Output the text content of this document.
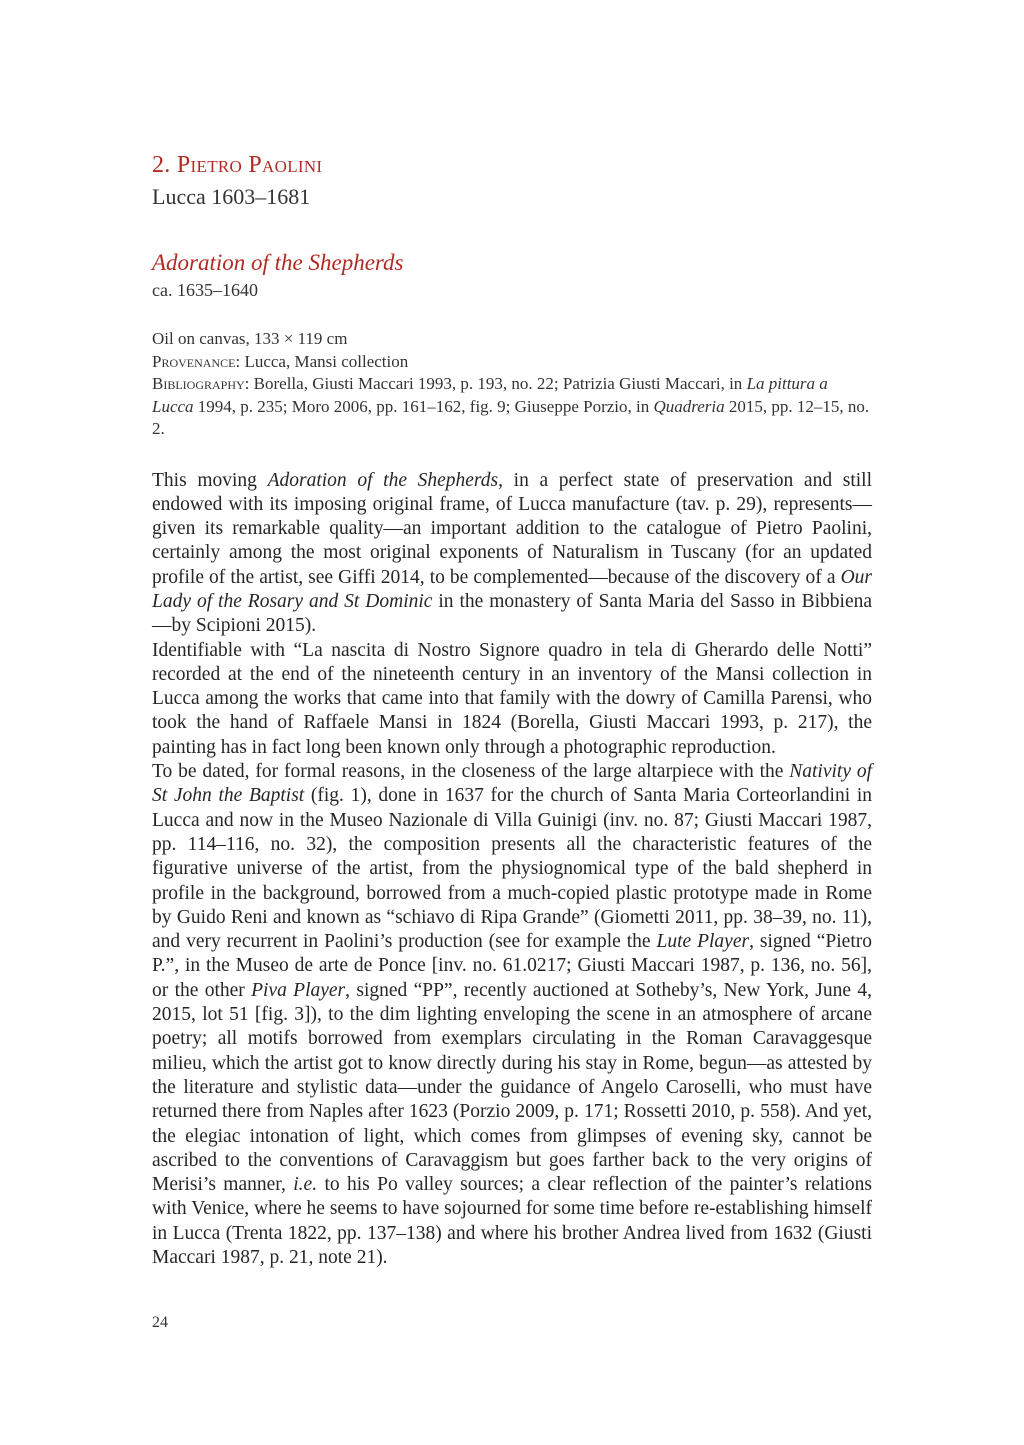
2. Pietro Paolini
Lucca 1603–1681
Adoration of the Shepherds
ca. 1635–1640

Oil on canvas, 133 × 119 cm

Provenance: Lucca, Mansi collection

Bibliography: Borella, Giusti Maccari 1993, p. 193, no. 22; Patrizia Giusti Maccari, in La pittura a Lucca 1994, p. 235; Moro 2006, pp. 161–162, fig. 9; Giuseppe Porzio, in Quadreria 2015, pp. 12–15, no. 2.

This moving Adoration of the Shepherds, in a perfect state of preservation and still endowed with its imposing original frame, of Lucca manufacture (tav. p. 29), represents—given its remarkable quality—an important addition to the catalogue of Pietro Paolini, certainly among the most original exponents of Naturalism in Tuscany (for an updated profile of the artist, see Giffi 2014, to be complemented—because of the discovery of a Our Lady of the Rosary and St Dominic in the monastery of Santa Maria del Sasso in Bibbiena—by Scipioni 2015).

Identifiable with “La nascita di Nostro Signore quadro in tela di Gherardo delle Notti” recorded at the end of the nineteenth century in an inventory of the Mansi collection in Lucca among the works that came into that family with the dowry of Camilla Parensi, who took the hand of Raffaele Mansi in 1824 (Borella, Giusti Maccari 1993, p. 217), the painting has in fact long been known only through a photographic reproduction.

To be dated, for formal reasons, in the closeness of the large altarpiece with the Nativity of St John the Baptist (fig. 1), done in 1637 for the church of Santa Maria Corteorlandini in Lucca and now in the Museo Nazionale di Villa Guinigi (inv. no. 87; Giusti Maccari 1987, pp. 114–116, no. 32), the composition presents all the characteristic features of the figurative universe of the artist, from the physiognomical type of the bald shepherd in profile in the background, borrowed from a much-copied plastic prototype made in Rome by Guido Reni and known as “schiavo di Ripa Grande” (Giometti 2011, pp. 38–39, no. 11), and very recurrent in Paolini’s production (see for example the Lute Player, signed “Pietro P.”, in the Museo de arte de Ponce [inv. no. 61.0217; Giusti Maccari 1987, p. 136, no. 56], or the other Piva Player, signed “PP”, recently auctioned at Sotheby’s, New York, June 4, 2015, lot 51 [fig. 3]), to the dim lighting enveloping the scene in an atmosphere of arcane poetry; all motifs borrowed from exemplars circulating in the Roman Caravaggesque milieu, which the artist got to know directly during his stay in Rome, begun—as attested by the literature and stylistic data—under the guidance of Angelo Caroselli, who must have returned there from Naples after 1623 (Porzio 2009, p. 171; Rossetti 2010, p. 558). And yet, the elegiac intonation of light, which comes from glimpses of evening sky, cannot be ascribed to the conventions of Caravaggism but goes farther back to the very origins of Merisi’s manner, i.e. to his Po valley sources; a clear reflection of the painter’s relations with Venice, where he seems to have sojourned for some time before re-establishing himself in Lucca (Trenta 1822, pp. 137–138) and where his brother Andrea lived from 1632 (Giusti Maccari 1987, p. 21, note 21).

24
